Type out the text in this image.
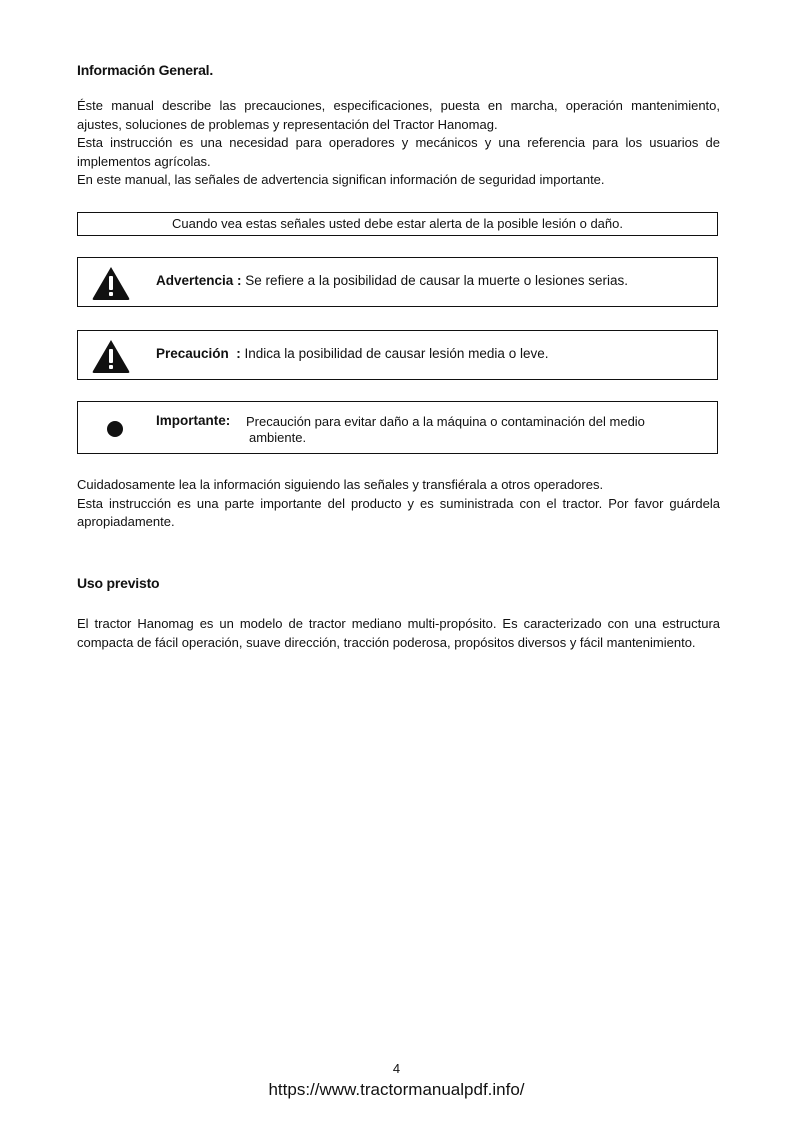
Información General.
Éste manual describe las precauciones, especificaciones, puesta en marcha, operación mantenimiento, ajustes, soluciones de problemas y representación del Tractor Hanomag.
Esta instrucción es una necesidad para operadores y mecánicos y una referencia para los usuarios de implementos agrícolas.
En este manual, las señales de advertencia significan información de seguridad importante.
Cuando vea estas señales usted debe estar alerta de la posible lesión o daño.
Advertencia : Se refiere a la posibilidad de causar la muerte o lesiones serias.
Precaución  : Indica la posibilidad de causar lesión media o leve.
Importante: Precaución para evitar daño a la máquina o contaminación del medio
ambiente.
Cuidadosamente lea la información siguiendo las señales y transfiérala a otros operadores.
Esta instrucción es una parte importante del producto y es suministrada con el tractor. Por favor guárdela apropiadamente.
Uso previsto
El tractor Hanomag es un modelo de tractor mediano multi-propósito. Es caracterizado con una estructura compacta de fácil operación, suave dirección, tracción poderosa, propósitos diversos y fácil mantenimiento.
4
https://www.tractormanualpdf.info/
